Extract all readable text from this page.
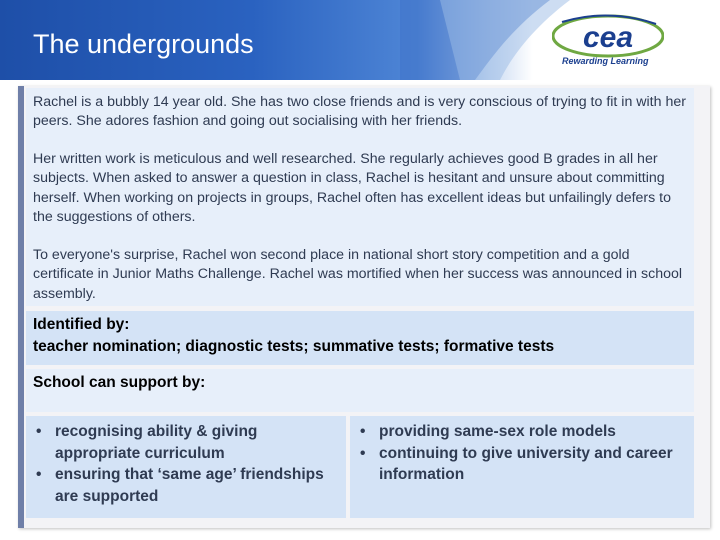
The undergrounds	cea
Rewarding Learning

Rachel is a bubbly 14 year old. She has two close friends and is very conscious of trying to fit in with her peers. She adores fashion and going out socialising with her friends.

Her written work is meticulous and well researched. She regularly achieves good B grades in all her subjects. When asked to answer a question in class, Rachel is hesitant and unsure about committing herself. When working on projects in groups, Rachel often has excellent ideas but unfailingly defers to the suggestions of others.

To everyone's surprise, Rachel won second place in national short story competition and a gold certificate in Junior Maths Challenge. Rachel was mortified when her success was announced in school assembly.

Identified by:
teacher nomination; diagnostic tests; summative tests; formative tests
School can support by:
• recognising ability & giving appropriate curriculum
• ensuring that ‘same age’ friendships are supported
• providing same-sex role models
• continuing to give university and career information
